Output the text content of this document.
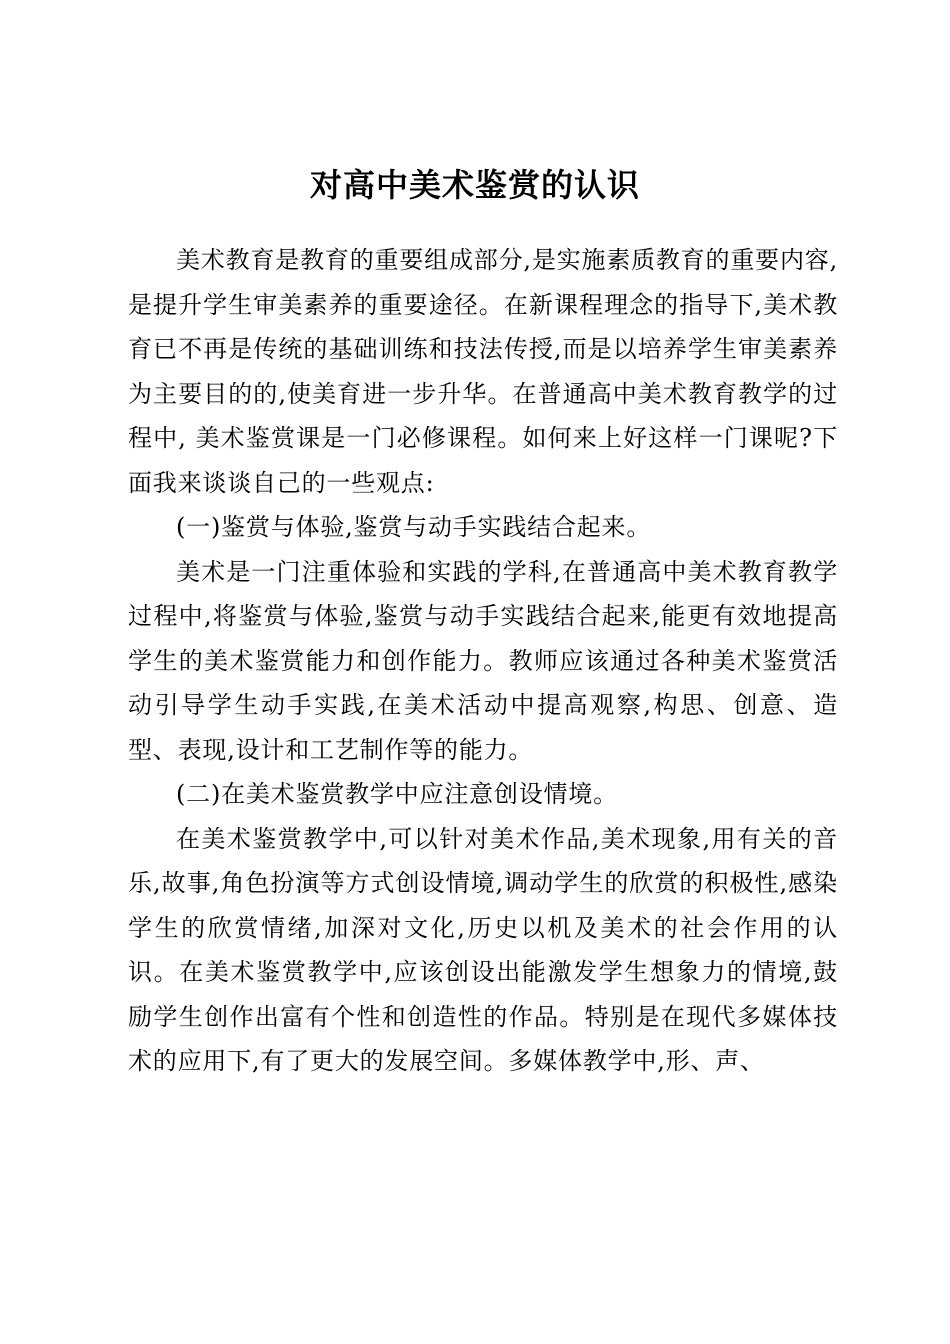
对高中美术鉴赏的认识

美术教育是教育的重要组成部分,是实施素质教育的重要内容,是提升学生审美素养的重要途径。在新课程理念的指导下,美术教育已不再是传统的基础训练和技法传授,而是以培养学生审美素养为主要目的的,使美育进一步升华。在普通高中美术教育教学的过程中, 美术鉴赏课是一门必修课程。如何来上好这样一门课呢?下面我来谈谈自己的一些观点:

(一)鉴赏与体验,鉴赏与动手实践结合起来。

美术是一门注重体验和实践的学科,在普通高中美术教育教学过程中,将鉴赏与体验,鉴赏与动手实践结合起来,能更有效地提高学生的美术鉴赏能力和创作能力。教师应该通过各种美术鉴赏活动引导学生动手实践,在美术活动中提高观察,构思、创意、造型、表现,设计和工艺制作等的能力。

(二)在美术鉴赏教学中应注意创设情境。

在美术鉴赏教学中,可以针对美术作品,美术现象,用有关的音乐,故事,角色扮演等方式创设情境,调动学生的欣赏的积极性,感染学生的欣赏情绪,加深对文化,历史以机及美术的社会作用的认识。在美术鉴赏教学中,应该创设出能激发学生想象力的情境,鼓励学生创作出富有个性和创造性的作品。特别是在现代多媒体技术的应用下,有了更大的发展空间。多媒体教学中,形、声、
